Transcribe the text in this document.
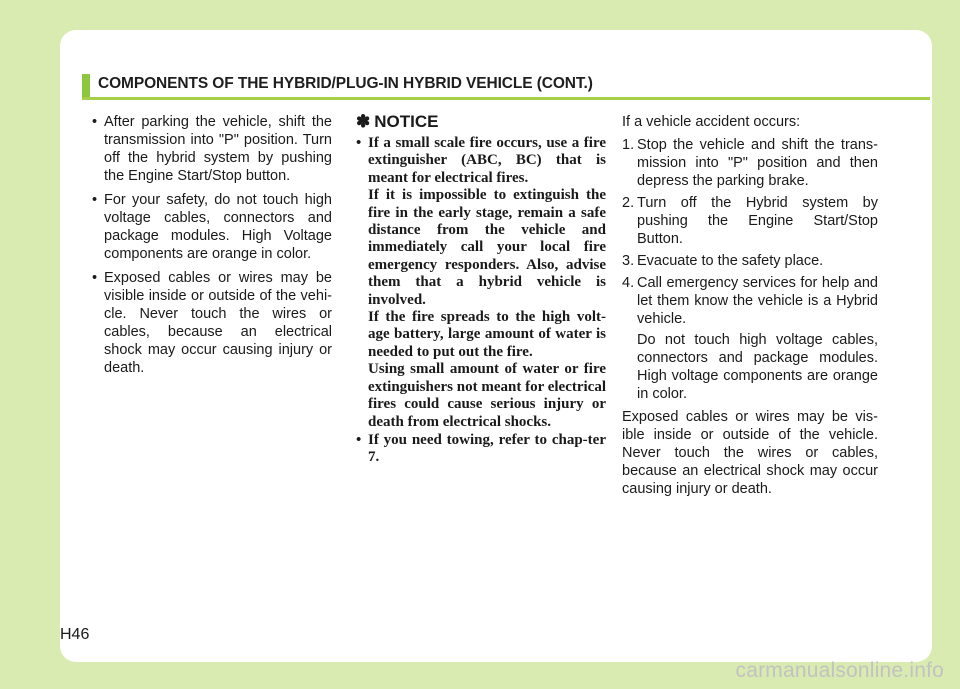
COMPONENTS OF THE HYBRID/PLUG-IN HYBRID VEHICLE (CONT.)
• After parking the vehicle, shift the transmission into "P" position. Turn off the hybrid system by pushing the Engine Start/Stop button.
• For your safety, do not touch high voltage cables, connectors and package modules. High Voltage components are orange in color.
• Exposed cables or wires may be visible inside or outside of the vehi-cle. Never touch the wires or cables, because an electrical shock may occur causing injury or death.
✽ NOTICE

• If a small scale fire occurs, use a fire extinguisher (ABC, BC) that is meant for electrical fires.

If it is impossible to extinguish the fire in the early stage, remain a safe distance from the vehicle and immediately call your local fire emergency responders. Also, advise them that a hybrid vehicle is involved.

If the fire spreads to the high volt-age battery, large amount of water is needed to put out the fire.

Using small amount of water or fire extinguishers not meant for electrical fires could cause serious injury or death from electrical shocks.

• If you need towing, refer to chap-ter 7.

If a vehicle accident occurs:

1. Stop the vehicle and shift the trans-mission into "P" position and then depress the parking brake.

2. Turn off the Hybrid system by pushing the Engine Start/Stop Button.

3. Evacuate to the safety place.

4. Call emergency services for help and let them know the vehicle is a Hybrid vehicle.

Do not touch high voltage cables, connectors and package modules. High voltage components are orange in color.

Exposed cables or wires may be vis-ible inside or outside of the vehicle. Never touch the wires or cables, because an electrical shock may occur causing injury or death.

H46
carmanualsonline.info
